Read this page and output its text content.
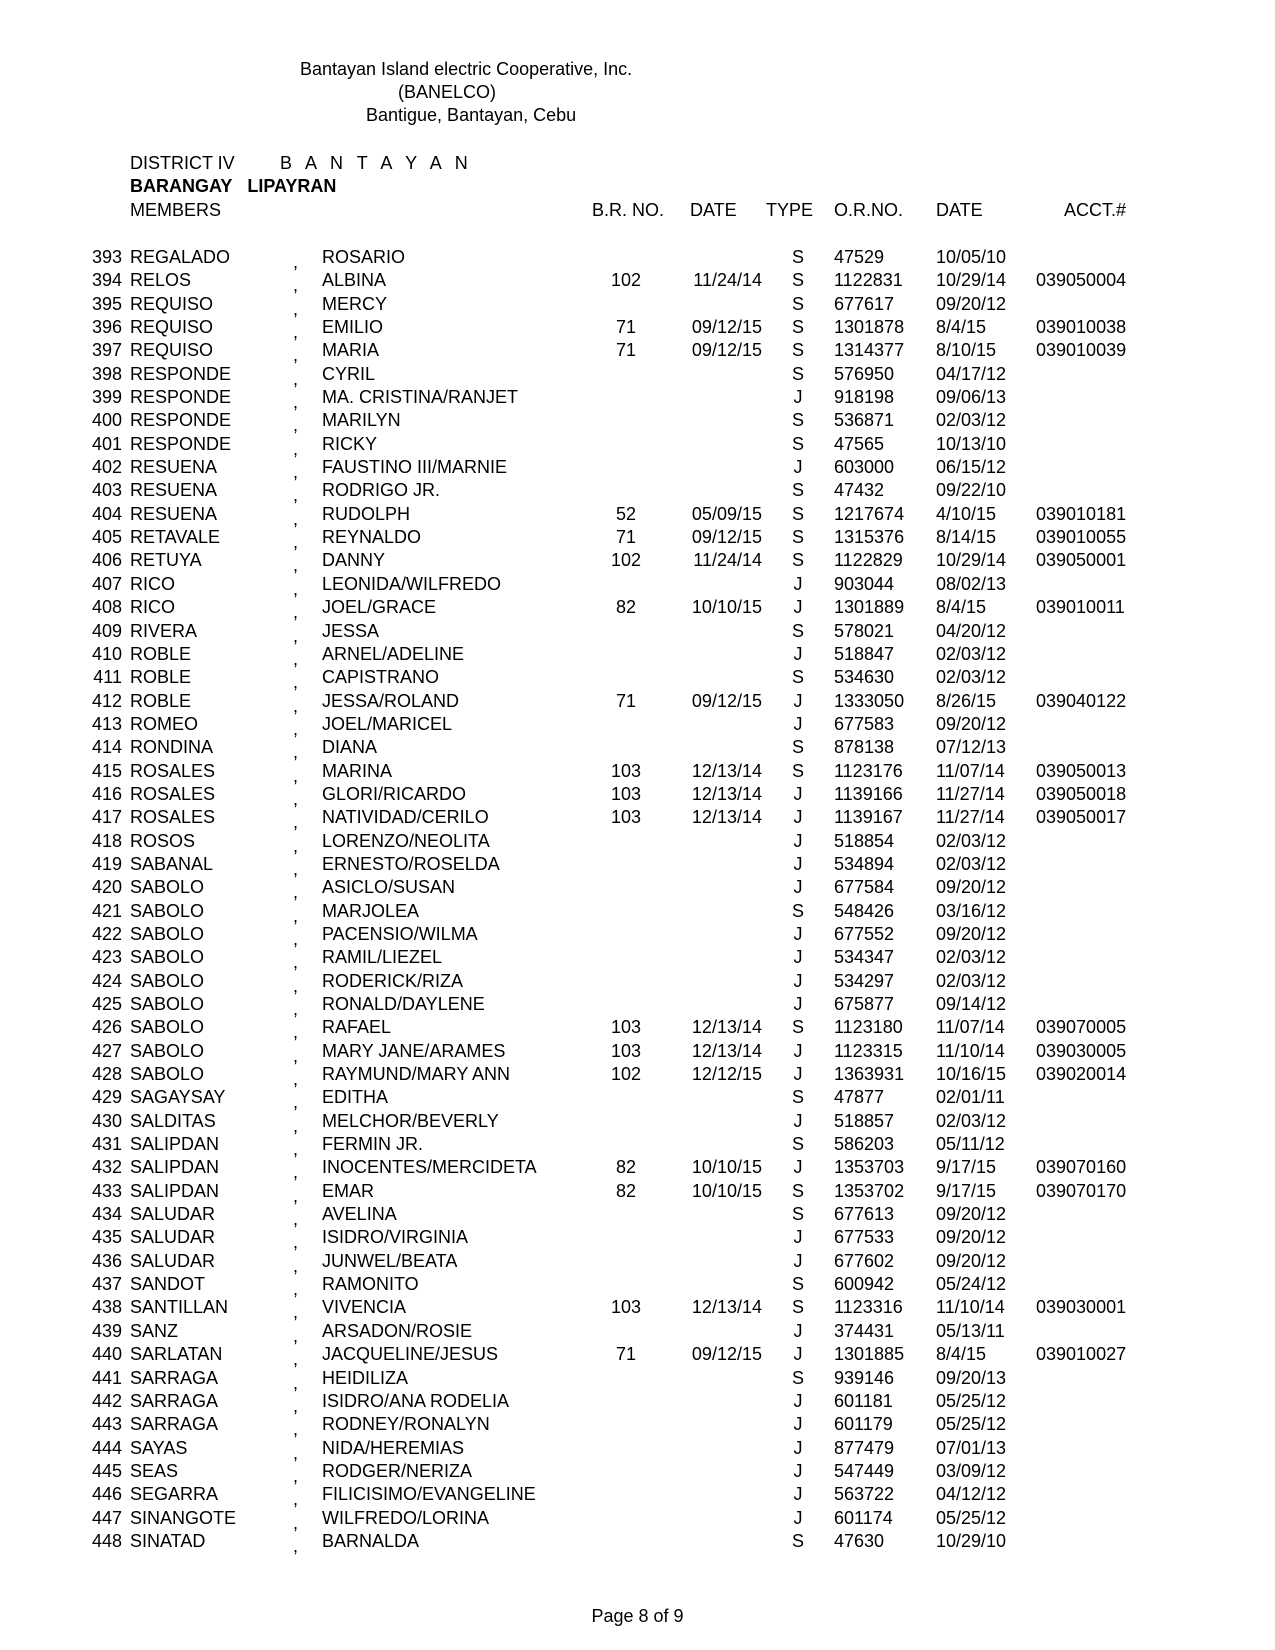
Bantayan Island electric Cooperative, Inc.
(BANELCO)
Bantigue, Bantayan, Cebu
DISTRICT IV	B A N T A Y A N
BARANGAY LIPAYRAN
MEMBERS	B.R. NO. DATE TYPE O.R.NO. DATE	ACCT.#
393 REGALADO	, ROSARIO	S 47529	10/05/10
394 RELOS	, ALBINA	102	11/24/14 S 1122831 10/29/14 039050004
395 REQUISO	, MERCY	S 677617 09/20/12
396 REQUISO	, EMILIO	71	09/12/15 S 1301878 8/4/15	039010038
397 REQUISO	, MARIA	71	09/12/15 S 1314377 8/10/15 039010039
398 RESPONDE	, CYRIL	S 576950 04/17/12
399 RESPONDE	, MA. CRISTINA/RANJET	J 918198 09/06/13
400 RESPONDE	, MARILYN	S 536871 02/03/12
401 RESPONDE	, RICKY	S 47565	10/13/10
402 RESUENA	, FAUSTINO III/MARNIE	J 603000 06/15/12
403 RESUENA	, RODRIGO JR.	S 47432	09/22/10
404 RESUENA	, RUDOLPH	52	05/09/15 S 1217674 4/10/15 039010181
405 RETAVALE	, REYNALDO	71	09/12/15 S 1315376 8/14/15 039010055
406 RETUYA	, DANNY	102	11/24/14 S 1122829 10/29/14 039050001
407 RICO	, LEONIDA/WILFREDO	J 903044 08/02/13
408 RICO	, JOEL/GRACE	82	10/10/15 J 1301889 8/4/15	039010011
409 RIVERA	, JESSA	S 578021 04/20/12
410 ROBLE	, ARNEL/ADELINE	J 518847 02/03/12
411 ROBLE	, CAPISTRANO	S 534630 02/03/12
412 ROBLE	, JESSA/ROLAND	71	09/12/15 J 1333050 8/26/15 039040122
413 ROMEO	, JOEL/MARICEL	J 677583 09/20/12
414 RONDINA	, DIANA	S 878138 07/12/13
415 ROSALES	, MARINA	103	12/13/14 S 1123176 11/07/14 039050013
416 ROSALES	, GLORI/RICARDO	103	12/13/14 J 1139166 11/27/14 039050018
417 ROSALES	, NATIVIDAD/CERILO	103	12/13/14 J 1139167 11/27/14 039050017
418 ROSOS	, LORENZO/NEOLITA	J 518854 02/03/12
419 SABANAL	, ERNESTO/ROSELDA	J 534894 02/03/12
420 SABOLO	, ASICLO/SUSAN	J 677584 09/20/12
421 SABOLO	, MARJOLEA	S 548426 03/16/12
422 SABOLO	, PACENSIO/WILMA	J 677552 09/20/12
423 SABOLO	, RAMIL/LIEZEL	J 534347 02/03/12
424 SABOLO	, RODERICK/RIZA	J 534297 02/03/12
425 SABOLO	, RONALD/DAYLENE	J 675877 09/14/12
426 SABOLO	, RAFAEL	103	12/13/14 S 1123180 11/07/14 039070005
427 SABOLO	, MARY JANE/ARAMES	103	12/13/14 J 1123315 11/10/14 039030005
428 SABOLO	, RAYMUND/MARY ANN	102	12/12/15 J 1363931 10/16/15 039020014
429 SAGAYSAY	, EDITHA	S 47877	02/01/11
430 SALDITAS	, MELCHOR/BEVERLY	J 518857 02/03/12
431 SALIPDAN	, FERMIN JR.	S 586203 05/11/12
432 SALIPDAN	, INOCENTES/MERCIDETA	82	10/10/15 J 1353703 9/17/15 039070160
433 SALIPDAN	, EMAR	82	10/10/15 S 1353702 9/17/15 039070170
434 SALUDAR	, AVELINA	S 677613 09/20/12
435 SALUDAR	, ISIDRO/VIRGINIA	J 677533 09/20/12
436 SALUDAR	, JUNWEL/BEATA	J 677602 09/20/12
437 SANDOT	, RAMONITO	S 600942 05/24/12
438 SANTILLAN	, VIVENCIA	103	12/13/14 S 1123316 11/10/14 039030001
439 SANZ	, ARSADON/ROSIE	J 374431 05/13/11
440 SARLATAN	, JACQUELINE/JESUS	71	09/12/15 J 1301885 8/4/15	039010027
441 SARRAGA	, HEIDILIZA	S 939146 09/20/13
442 SARRAGA	, ISIDRO/ANA RODELIA	J 601181 05/25/12
443 SARRAGA	, RODNEY/RONALYN	J 601179 05/25/12
444 SAYAS	, NIDA/HEREMIAS	J 877479 07/01/13
445 SEAS	, RODGER/NERIZA	J 547449 03/09/12
446 SEGARRA	, FILICISIMO/EVANGELINE	J 563722 04/12/12
447 SINANGOTE	, WILFREDO/LORINA	J 601174 05/25/12
448 SINATAD	, BARNALDA	S 47630	10/29/10
Page 8 of 9
